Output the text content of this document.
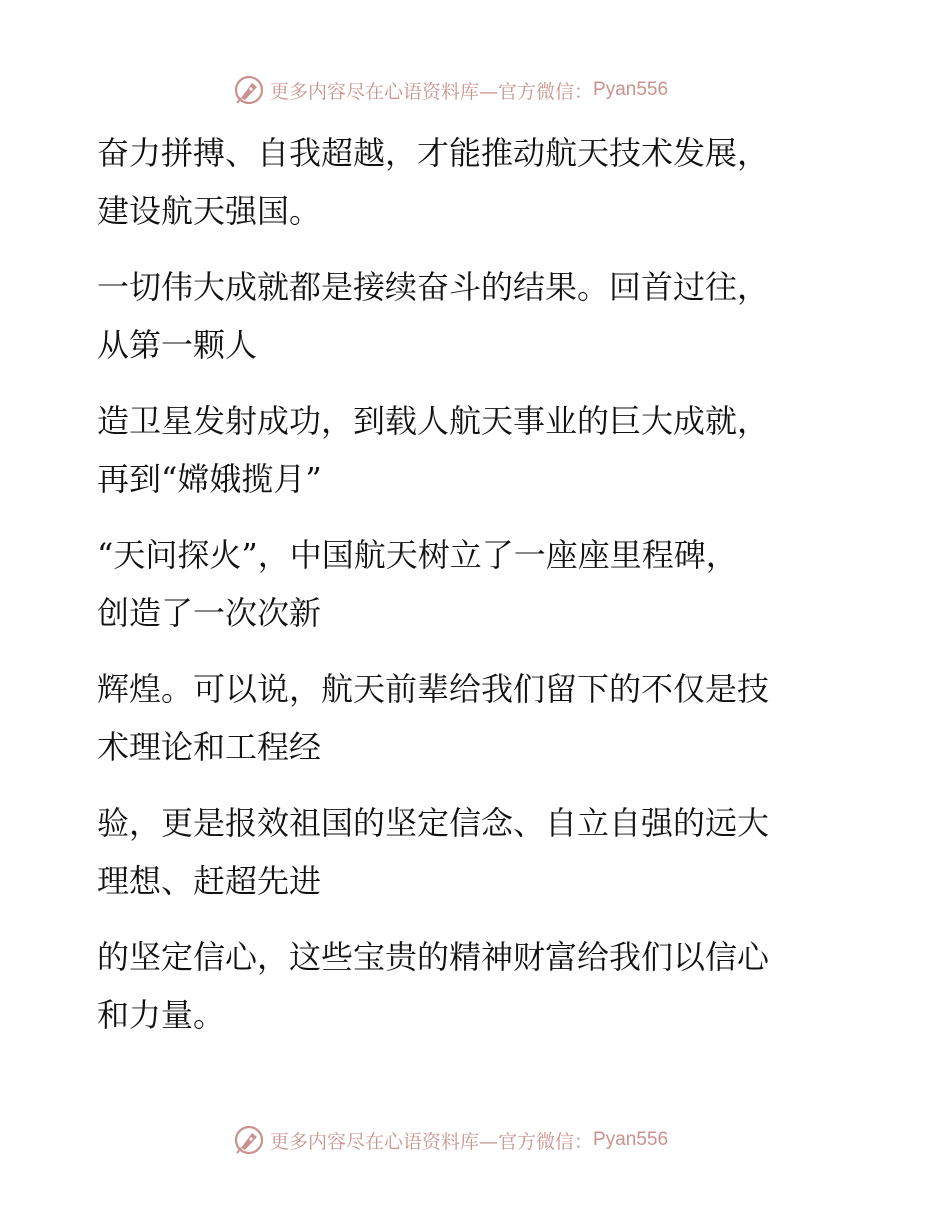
更多内容尽在心语资料库 —官方微信： Pyan556
奋力拼搏、自我超越，才能推动航天技术发展，
建设航天强国。
一切伟大成就都是接续奋斗的结果。回首过往，
从第一颗人
造卫星发射成功，到载人航天事业的巨大成就，
再到“嫦娥揽月”
“天问探火”，中国航天树立了一座座里程碑，
创造了一次次新
辉煌。可以说，航天前辈给我们留下的不仅是技
术理论和工程经
验，更是报效祖国的坚定信念、自立自强的远大
理想、赶超先进
的坚定信心，这些宝贵的精神财富给我们以信心
和力量。
更多内容尽在心语资料库 —官方微信： Pyan556
